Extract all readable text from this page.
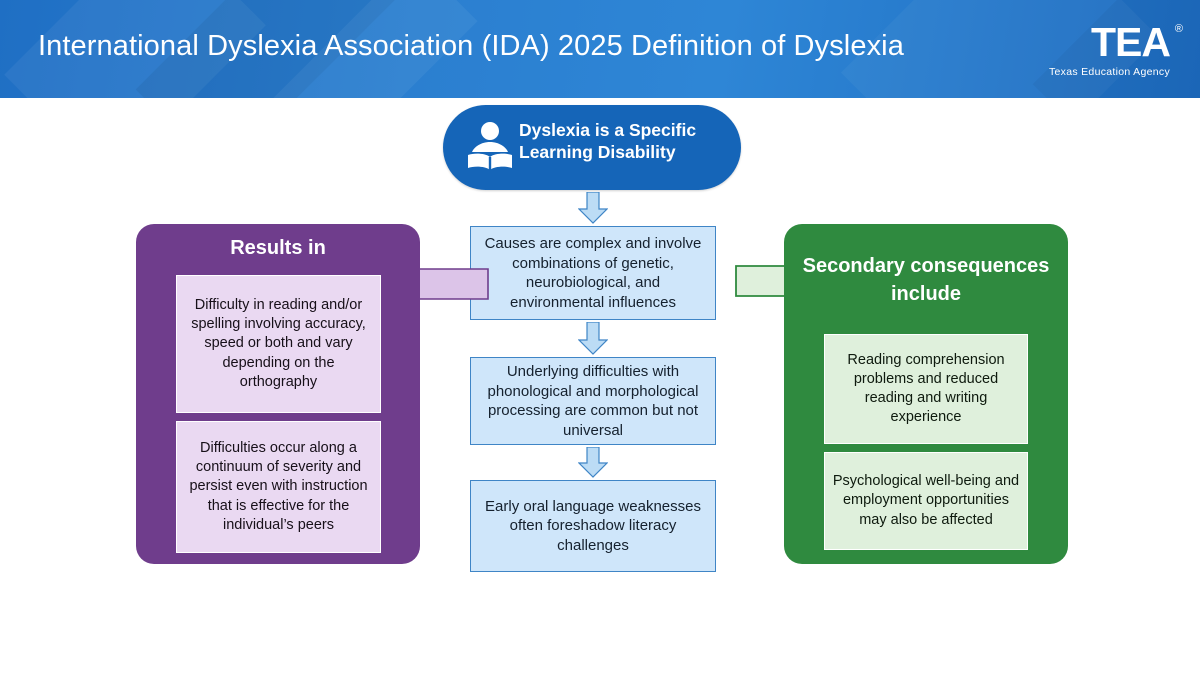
International Dyslexia Association (IDA) 2025 Definition of Dyslexia	TEA ®
Texas Education Agency
Dyslexia is a Specific Learning Disability
Causes are complex and involve combinations of genetic, neurobiological, and environmental influences
Underlying difficulties with phonological and morphological processing are common but not universal
Early oral language weaknesses often foreshadow literacy challenges
Results in
Difficulty in reading and/or spelling involving accuracy, speed or both and vary depending on the orthography
Difficulties occur along a continuum of severity and persist even with instruction that is effective for the individual’s peers
Secondary consequences include
Reading comprehension problems and reduced reading and writing experience
Psychological well-being and employment opportunities may also be affected
